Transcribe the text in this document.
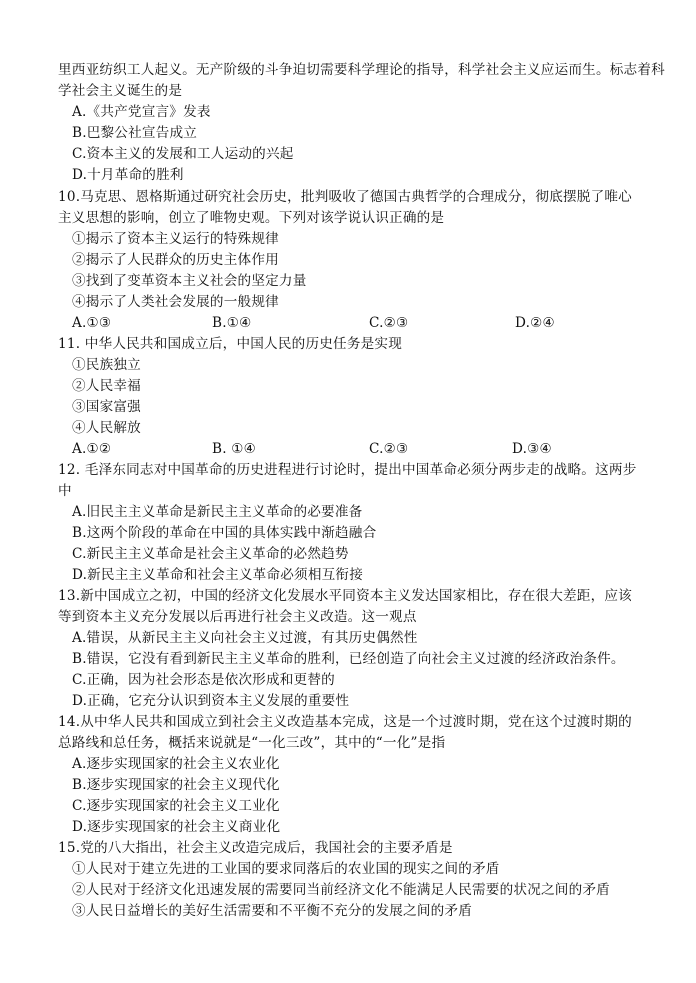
里西亚纺织工人起义。无产阶级的斗争迫切需要科学理论的指导，科学社会主义应运而生。标志着科
学社会主义诞生的是
A.《共产党宣言》发表
B.巴黎公社宣告成立
C.资本主义的发展和工人运动的兴起
D.十月革命的胜利
10.马克思、恩格斯通过研究社会历史，批判吸收了德国古典哲学的合理成分，彻底摆脱了唯心
主义思想的影响，创立了唯物史观。下列对该学说认识正确的是
①揭示了资本主义运行的特殊规律
②揭示了人民群众的历史主体作用
③找到了变革资本主义社会的坚定力量
④揭示了人类社会发展的一般规律
A.①③	B.①④	C.②③	D.②④
11. 中华人民共和国成立后，中国人民的历史任务是实现
①民族独立
②人民幸福
③国家富强
④人民解放
A.①②	B. ①④	C.②③	D.③④
12. 毛泽东同志对中国革命的历史进程进行讨论时，提出中国革命必须分两步走的战略。这两步
中
A.旧民主主义革命是新民主主义革命的必要准备
B.这两个阶段的革命在中国的具体实践中渐趋融合
C.新民主主义革命是社会主义革命的必然趋势
D.新民主主义革命和社会主义革命必须相互衔接
13.新中国成立之初，中国的经济文化发展水平同资本主义发达国家相比，存在很大差距，应该
等到资本主义充分发展以后再进行社会主义改造。这一观点
A.错误，从新民主主义向社会主义过渡，有其历史偶然性
B.错误，它没有看到新民主主义革命的胜利，已经创造了向社会主义过渡的经济政治条件。
C.正确，因为社会形态是依次形成和更替的
D.正确，它充分认识到资本主义发展的重要性
14.从中华人民共和国成立到社会主义改造基本完成，这是一个过渡时期，党在这个过渡时期的
总路线和总任务，概括来说就是“一化三改”，其中的“一化”是指
A.逐步实现国家的社会主义农业化
B.逐步实现国家的社会主义现代化
C.逐步实现国家的社会主义工业化
D.逐步实现国家的社会主义商业化
15.党的八大指出，社会主义改造完成后，我国社会的主要矛盾是
①人民对于建立先进的工业国的要求同落后的农业国的现实之间的矛盾
②人民对于经济文化迅速发展的需要同当前经济文化不能满足人民需要的状况之间的矛盾
③人民日益增长的美好生活需要和不平衡不充分的发展之间的矛盾
